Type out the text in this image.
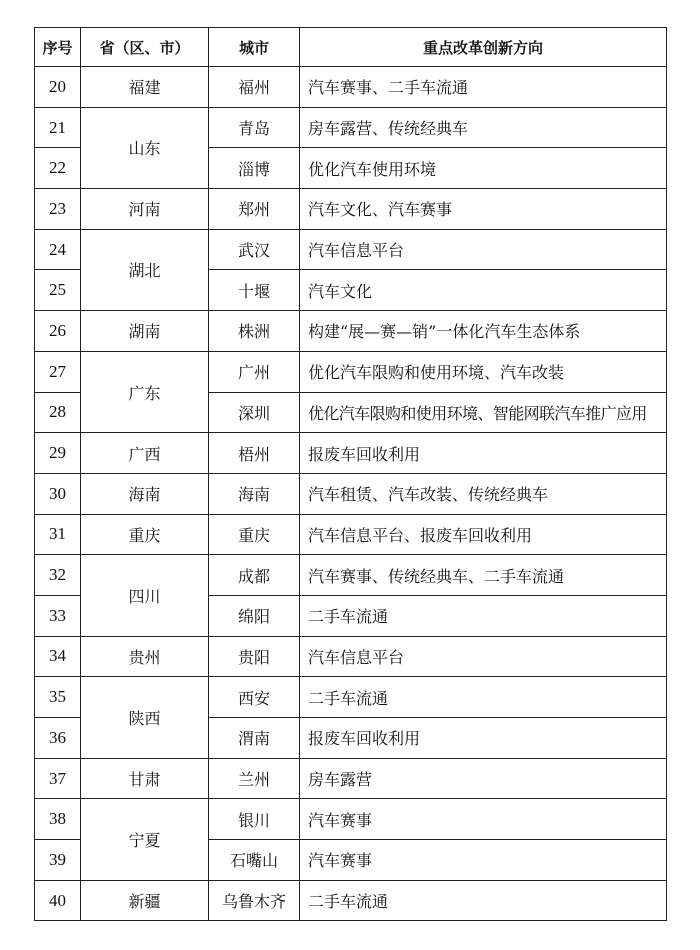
序号	省（区、市）	城市	重点改革创新方向
20	福建	福州	汽车赛事、二手车流通
21	山东	青岛	房车露营、传统经典车
22		淄博	优化汽车使用环境
23	河南	郑州	汽车文化、汽车赛事
24	湖北	武汉	汽车信息平台
25		十堰	汽车文化
26	湖南	株洲	构建“展—赛—销”一体化汽车生态体系
27	广东	广州	优化汽车限购和使用环境、汽车改装
28		深圳	优化汽车限购和使用环境、智能网联汽车推广应用
29	广西	梧州	报废车回收利用
30	海南	海南	汽车租赁、汽车改装、传统经典车
31	重庆	重庆	汽车信息平台、报废车回收利用
32	四川	成都	汽车赛事、传统经典车、二手车流通
33		绵阳	二手车流通
34	贵州	贵阳	汽车信息平台
35	陕西	西安	二手车流通
36		渭南	报废车回收利用
37	甘肃	兰州	房车露营
38	宁夏	银川	汽车赛事
39		石嘴山	汽车赛事
40	新疆	乌鲁木齐	二手车流通
